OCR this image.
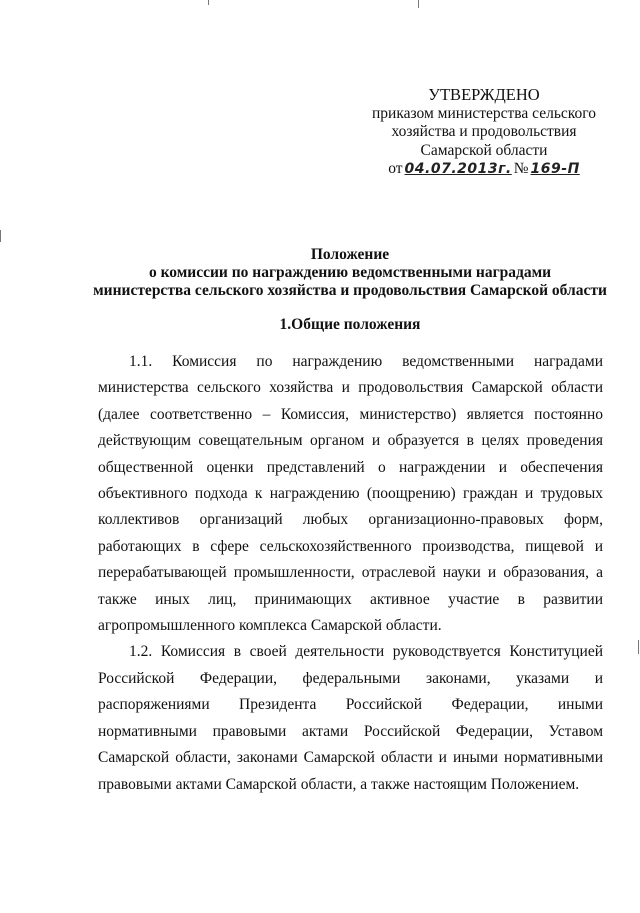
УТВЕРЖДЕНО
приказом министерства сельского
хозяйства и продовольствия
Самарской области
от 04.07.2013г. № 169-П
Положение
о комиссии по награждению ведомственными наградами
министерства сельского хозяйства и продовольствия Самарской области
1.Общие положения

1.1. Комиссия по награждению ведомственными наградами министерства сельского хозяйства и продовольствия Самарской области (далее соответственно – Комиссия, министерство) является постоянно действующим совещательным органом и образуется в целях проведения общественной оценки представлений о награждении и обеспечения объективного подхода к награждению (поощрению) граждан и трудовых коллективов организаций любых организационно-правовых форм, работающих в сфере сельскохозяйственного производства, пищевой и перерабатывающей промышленности, отраслевой науки и образования, а также иных лиц, принимающих активное участие в развитии агропромышленного комплекса Самарской области.

1.2. Комиссия в своей деятельности руководствуется Конституцией Российской Федерации, федеральными законами, указами и распоряжениями Президента Российской Федерации, иными нормативными правовыми актами Российской Федерации, Уставом Самарской области, законами Самарской области и иными нормативными правовыми актами Самарской области, а также настоящим Положением.
